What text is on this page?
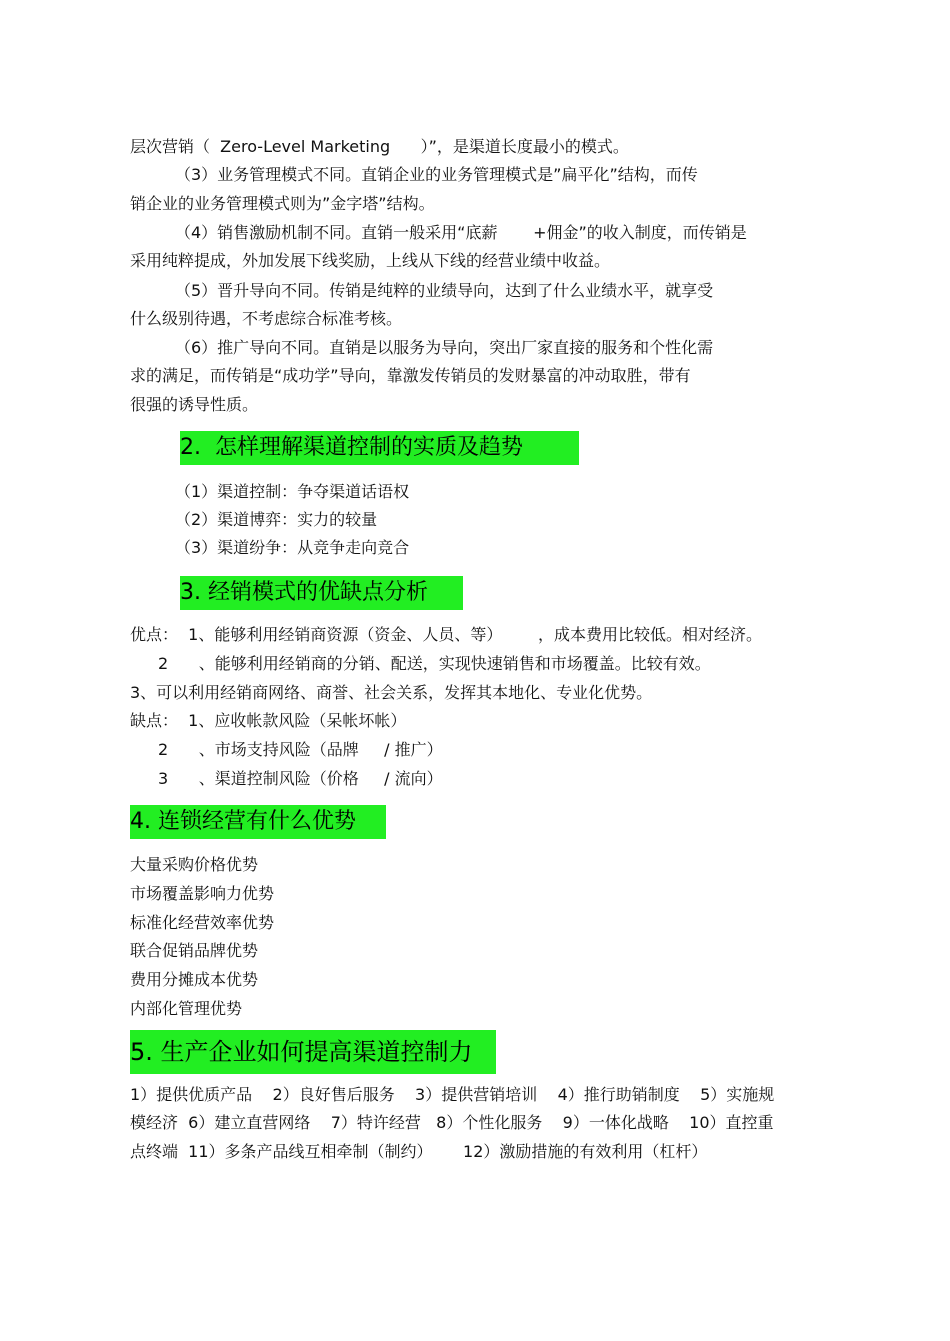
层次营销（  Zero-Level Marketing      ）”，是渠道长度最小的模式。
（3）业务管理模式不同。直销企业的业务管理模式是”扁平化”结构，而传
销企业的业务管理模式则为”金字塔”结构。
（4）销售激励机制不同。直销一般采用“底薪       +佣金”的收入制度，而传销是
采用纯粹提成，外加发展下线奖励，上线从下线的经营业绩中收益。
（5）晋升导向不同。传销是纯粹的业绩导向，达到了什么业绩水平，就享受
什么级别待遇，不考虑综合标准考核。
（6）推广导向不同。直销是以服务为导向，突出厂家直接的服务和个性化需
求的满足，而传销是“成功学”导向，靠激发传销员的发财暴富的冲动取胜，带有
很强的诱导性质。
2.  怎样理解渠道控制的实质及趋势
（1）渠道控制：争夺渠道话语权
（2）渠道博弈：实力的较量
（3）渠道纷争：从竞争走向竞合
3. 经销模式的优缺点分析
优点：  1、能够利用经销商资源（资金、人员、等）       ，成本费用比较低。相对经济。
2      、能够利用经销商的分销、配送，实现快速销售和市场覆盖。比较有效。
3、可以利用经销商网络、商誉、社会关系，发挥其本地化、专业化优势。
缺点：  1、应收帐款风险（呆帐坏帐）
2      、市场支持风险（品牌     / 推广）
3      、渠道控制风险（价格     / 流向）
4. 连锁经营有什么优势
大量采购价格优势
市场覆盖影响力优势
标准化经营效率优势
联合促销品牌优势
费用分摊成本优势
内部化管理优势
5. 生产企业如何提高渠道控制力
1）提供优质产品    2）良好售后服务    3）提供营销培训    4）推行助销制度    5）实施规
模经济  6）建立直营网络    7）特许经营   8）个性化服务    9）一体化战略    10）直控重
点终端  11）多条产品线互相牵制（制约）      12）激励措施的有效利用（杠杆）
